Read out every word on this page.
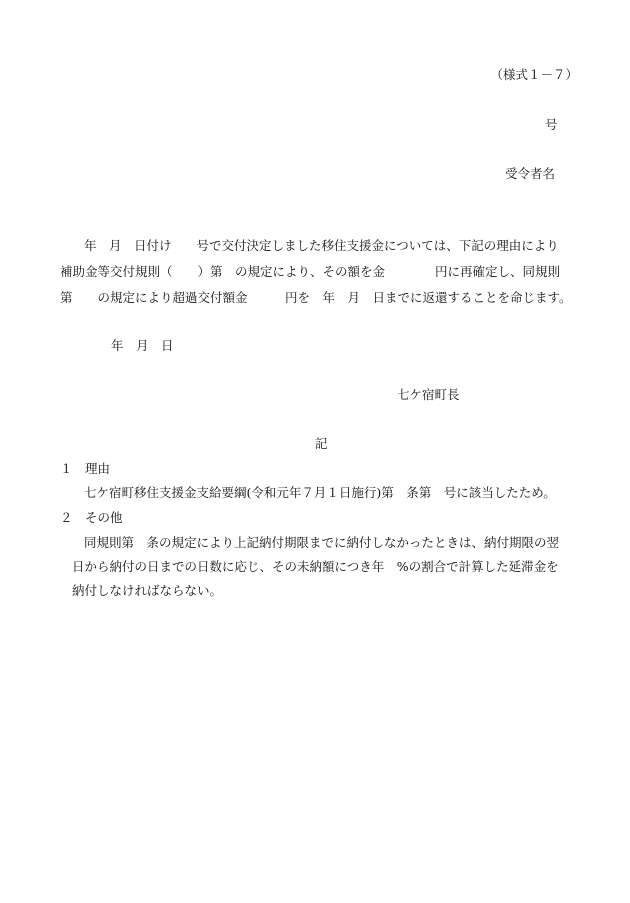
（様式１－７）
号
受令者名
年　月　日付け　　号で交付決定しました移住支援金については、下記の理由により
補助金等交付規則（　　）第　の規定により、その額を金　　　　円に再確定し、同規則
第　　の規定により超過交付額金　　　円を　年　月　日までに返還することを命じます。
年　月　日
七ケ宿町長
記
１　理由
七ケ宿町移住支援金支給要綱(令和元年７月１日施行)第　条第　号に該当したため。
２　その他
同規則第　条の規定により上記納付期限までに納付しなかったときは、納付期限の翌
日から納付の日までの日数に応じ、その未納額につき年　%の割合で計算した延滞金を
納付しなければならない。
